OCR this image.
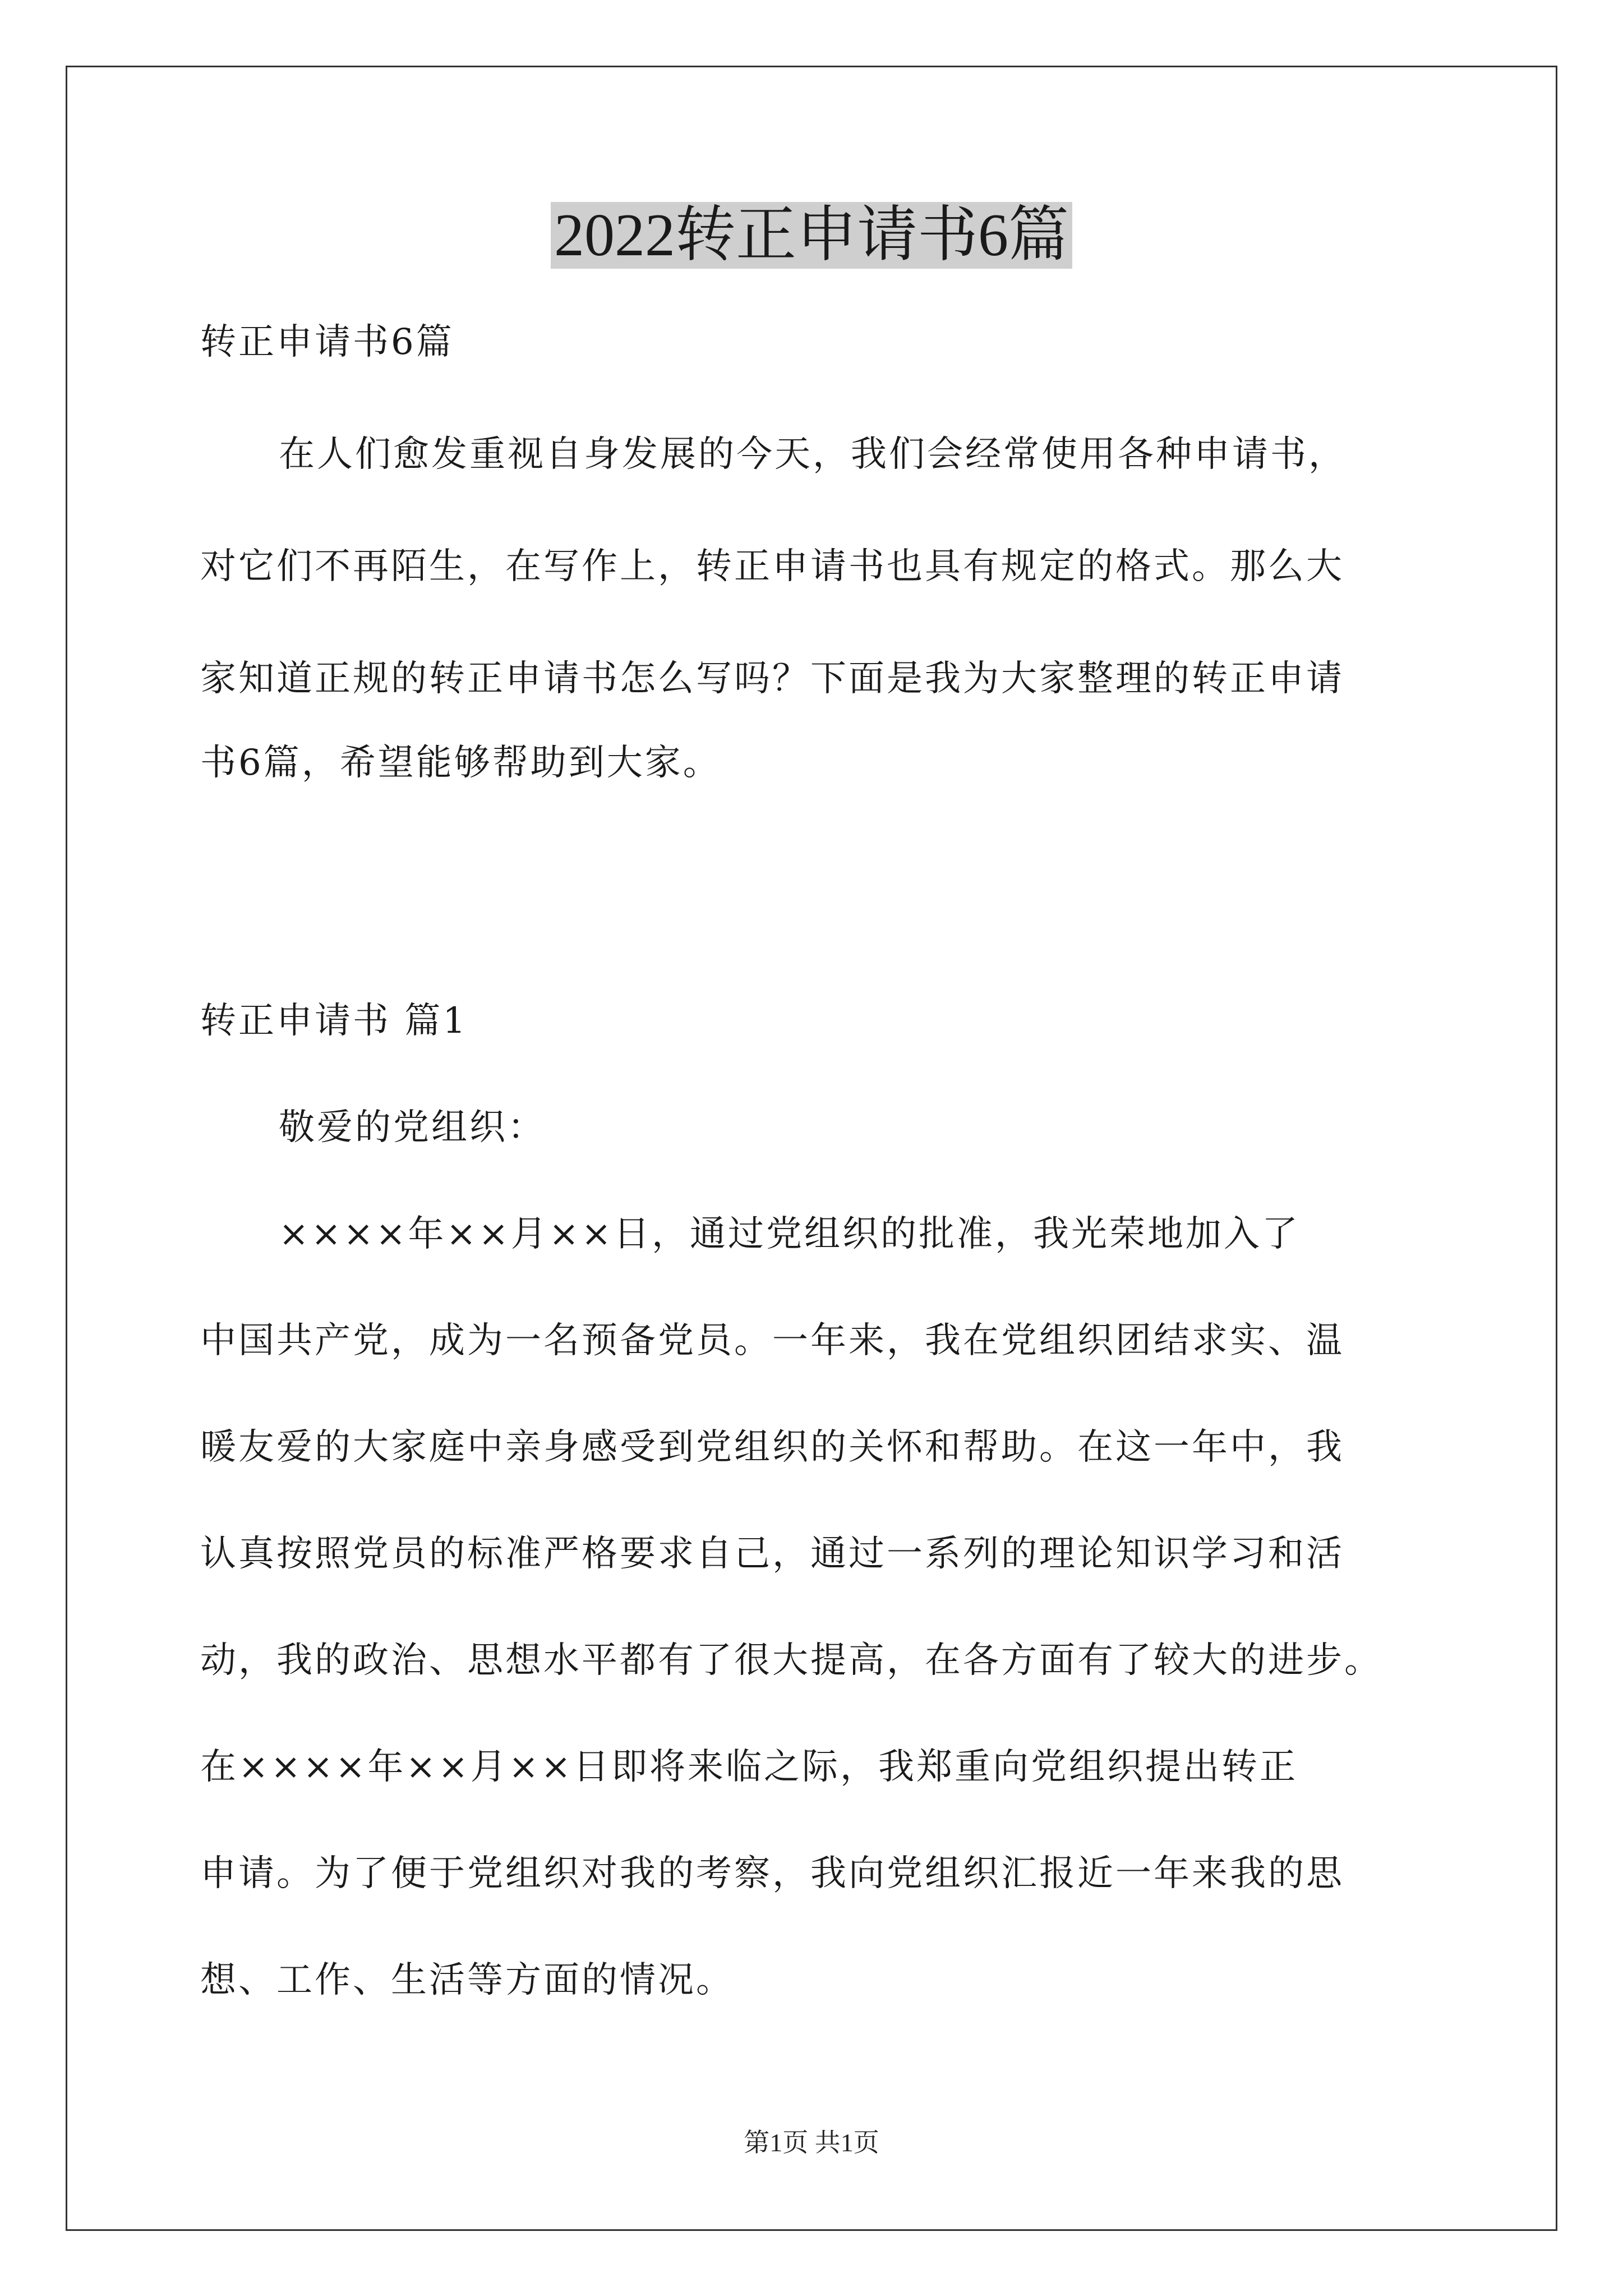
2022转正申请书6篇
转正申请书6篇
在人们愈发重视自身发展的今天，我们会经常使用各种申请书，
对它们不再陌生，在写作上，转正申请书也具有规定的格式。那么大
家知道正规的转正申请书怎么写吗？下面是我为大家整理的转正申请
书6篇，希望能够帮助到大家。
转正申请书 篇1
敬爱的党组织：
××××年××月××日，通过党组织的批准，我光荣地加入了
中国共产党，成为一名预备党员。一年来，我在党组织团结求实、温
暖友爱的大家庭中亲身感受到党组织的关怀和帮助。在这一年中，我
认真按照党员的标准严格要求自己，通过一系列的理论知识学习和活
动，我的政治、思想水平都有了很大提高，在各方面有了较大的进步。
在××××年××月××日即将来临之际，我郑重向党组织提出转正
申请。为了便于党组织对我的考察，我向党组织汇报近一年来我的思
想、工作、生活等方面的情况。
第1页 共1页
